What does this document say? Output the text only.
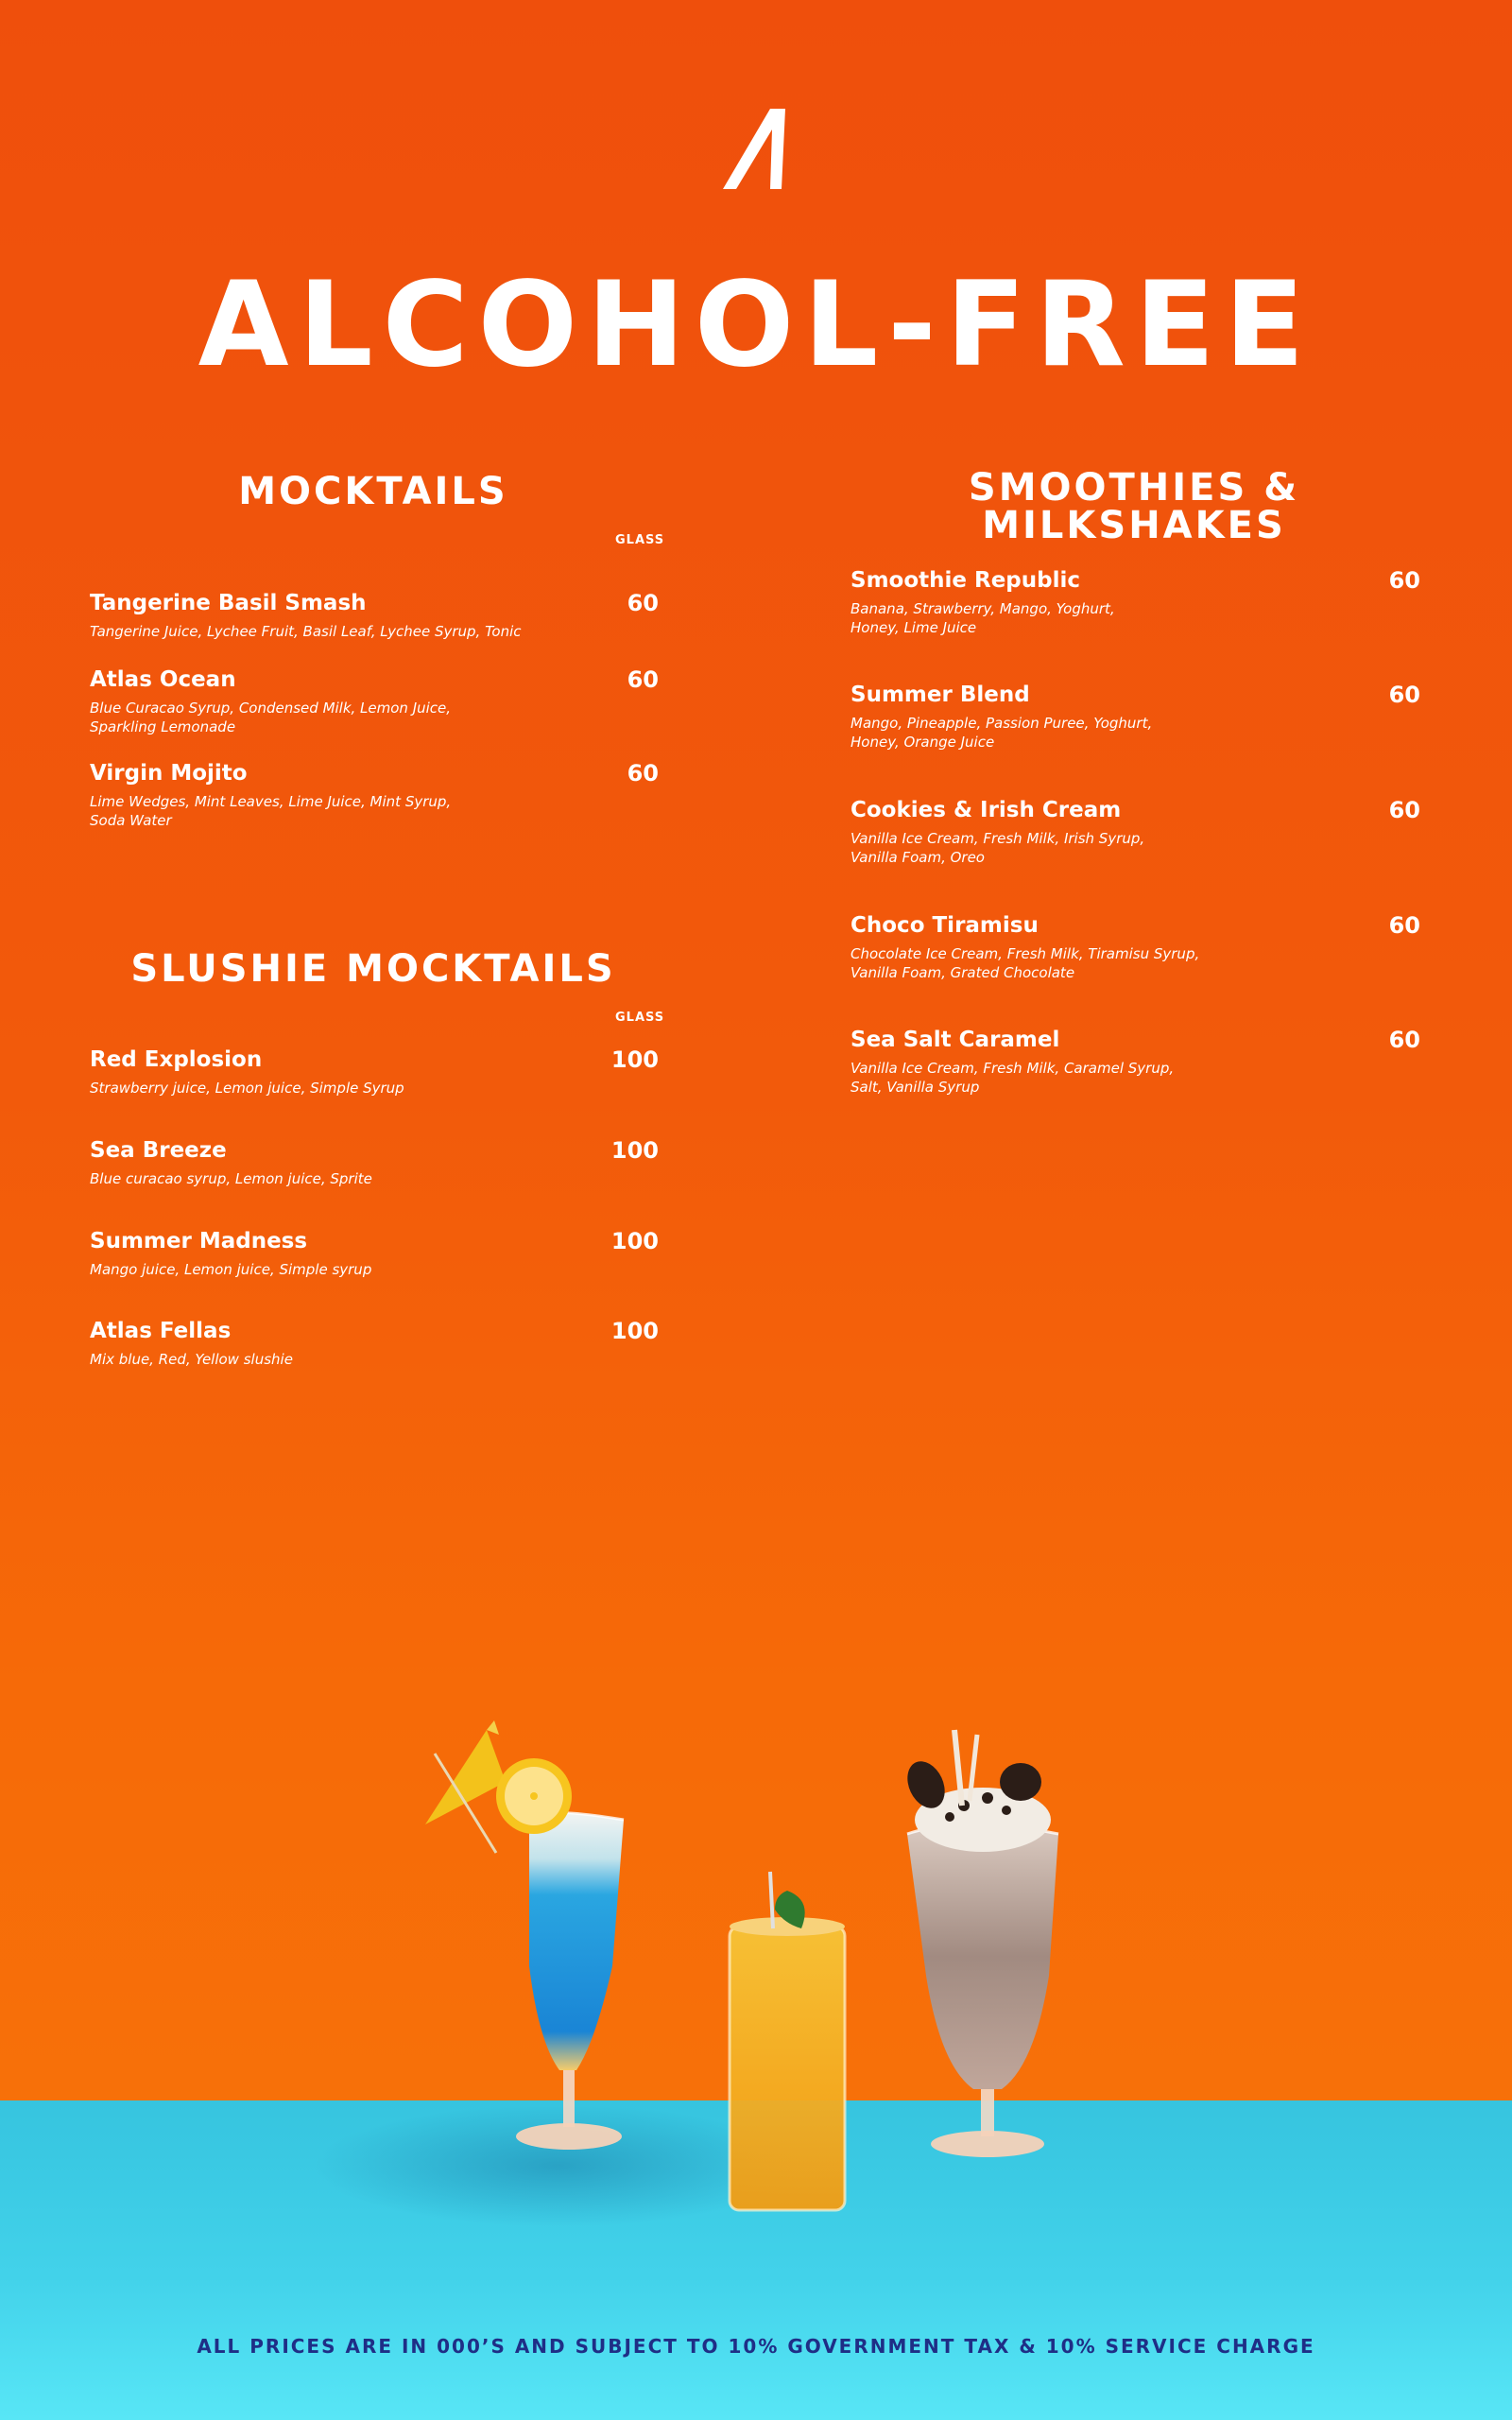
ALCOHOL-FREE
MOCKTAILS
GLASS
Tangerine Basil Smash
Tangerine Juice, Lychee Fruit, Basil Leaf, Lychee Syrup, Tonic
60
Atlas Ocean
Blue Curacao Syrup, Condensed Milk, Lemon Juice,
Sparkling Lemonade
60
Virgin Mojito
Lime Wedges, Mint Leaves, Lime Juice, Mint Syrup,
Soda Water
60
SLUSHIE MOCKTAILS
GLASS
Red Explosion
Strawberry juice, Lemon juice, Simple Syrup
100
Sea Breeze
Blue curacao syrup, Lemon juice, Sprite
100
Summer Madness
Mango juice, Lemon juice, Simple syrup
100
Atlas Fellas
Mix blue, Red, Yellow slushie
100
SMOOTHIES & MILKSHAKES
Smoothie Republic
Banana, Strawberry, Mango, Yoghurt,
Honey, Lime Juice
60
Summer Blend
Mango, Pineapple, Passion Puree, Yoghurt,
Honey, Orange Juice
60
Cookies & Irish Cream
Vanilla Ice Cream, Fresh Milk, Irish Syrup,
Vanilla Foam, Oreo
60
Choco Tiramisu
Chocolate Ice Cream, Fresh Milk, Tiramisu Syrup,
Vanilla Foam, Grated Chocolate
60
Sea Salt Caramel
Vanilla Ice Cream, Fresh Milk, Caramel Syrup,
Salt, Vanilla Syrup
60
ALL PRICES ARE IN 000’S AND SUBJECT TO 10% GOVERNMENT TAX & 10% SERVICE CHARGE
